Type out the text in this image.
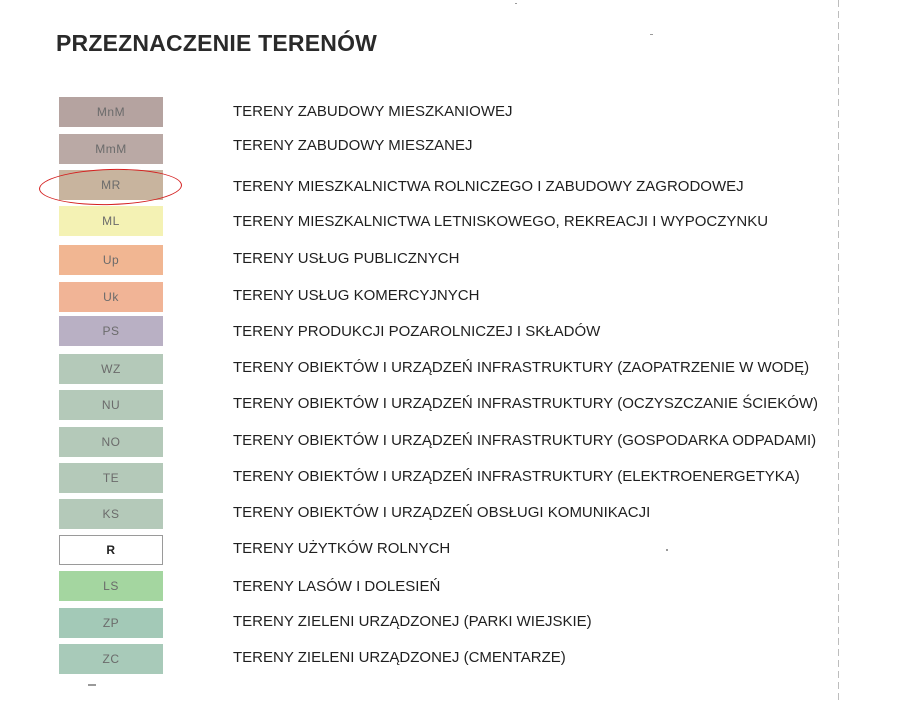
PRZEZNACZENIE TERENÓW
MnM	TERENY ZABUDOWY MIESZKANIOWEJ
MmM	TERENY ZABUDOWY MIESZANEJ
MR	TERENY MIESZKALNICTWA ROLNICZEGO I ZABUDOWY ZAGRODOWEJ
ML	TERENY MIESZKALNICTWA LETNISKOWEGO, REKREACJI I WYPOCZYNKU
Up	TERENY USŁUG PUBLICZNYCH
Uk	TERENY USŁUG KOMERCYJNYCH
PS	TERENY PRODUKCJI POZAROLNICZEJ I SKŁADÓW
WZ	TERENY OBIEKTÓW I URZĄDZEŃ INFRASTRUKTURY (ZAOPATRZENIE W WODĘ)
NU	TERENY OBIEKTÓW I URZĄDZEŃ INFRASTRUKTURY (OCZYSZCZANIE ŚCIEKÓW)
NO	TERENY OBIEKTÓW I URZĄDZEŃ INFRASTRUKTURY (GOSPODARKA ODPADAMI)
TE	TERENY OBIEKTÓW I URZĄDZEŃ INFRASTRUKTURY (ELEKTROENERGETYKA)
KS	TERENY OBIEKTÓW I URZĄDZEŃ OBSŁUGI KOMUNIKACJI
R	TERENY UŻYTKÓW ROLNYCH
LS	TERENY LASÓW I DOLESIEŃ
ZP	TERENY ZIELENI URZĄDZONEJ (PARKI WIEJSKIE)
ZC	TERENY ZIELENI URZĄDZONEJ (CMENTARZE)
